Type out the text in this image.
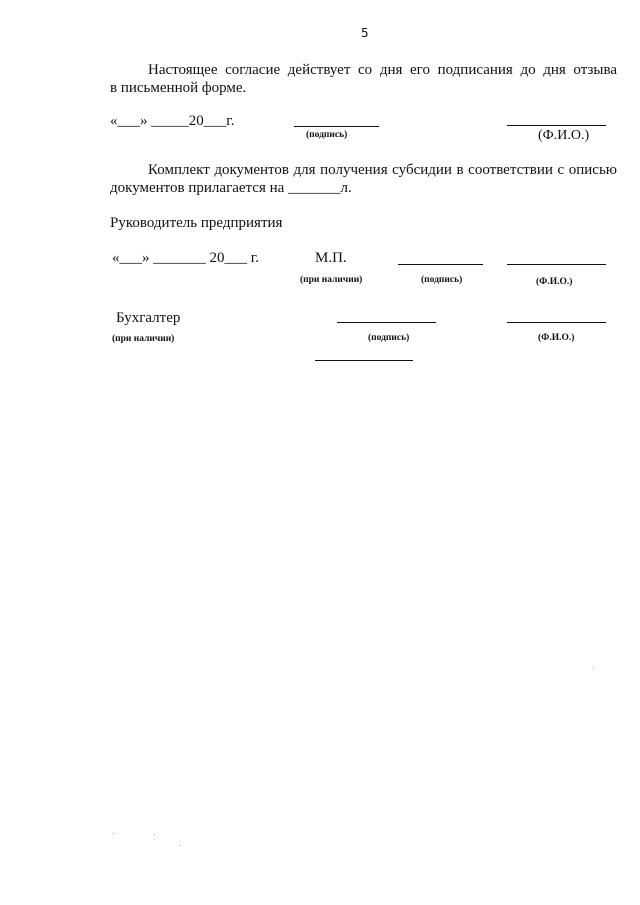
5
Настоящее согласие действует со дня его подписания до дня отзыва
в письменной форме.
«___» _____20___г.
(подпись)	(Ф.И.О.)
Комплект документов для получения субсидии в соответствии с описью
документов прилагается на _______л.
Руководитель предприятия
«___» _______ 20___ г.	М.П.
(при наличии)	(подпись)	(Ф.И.О.)
Бухгалтер
(при наличии)	(подпись)	(Ф.И.О.)
